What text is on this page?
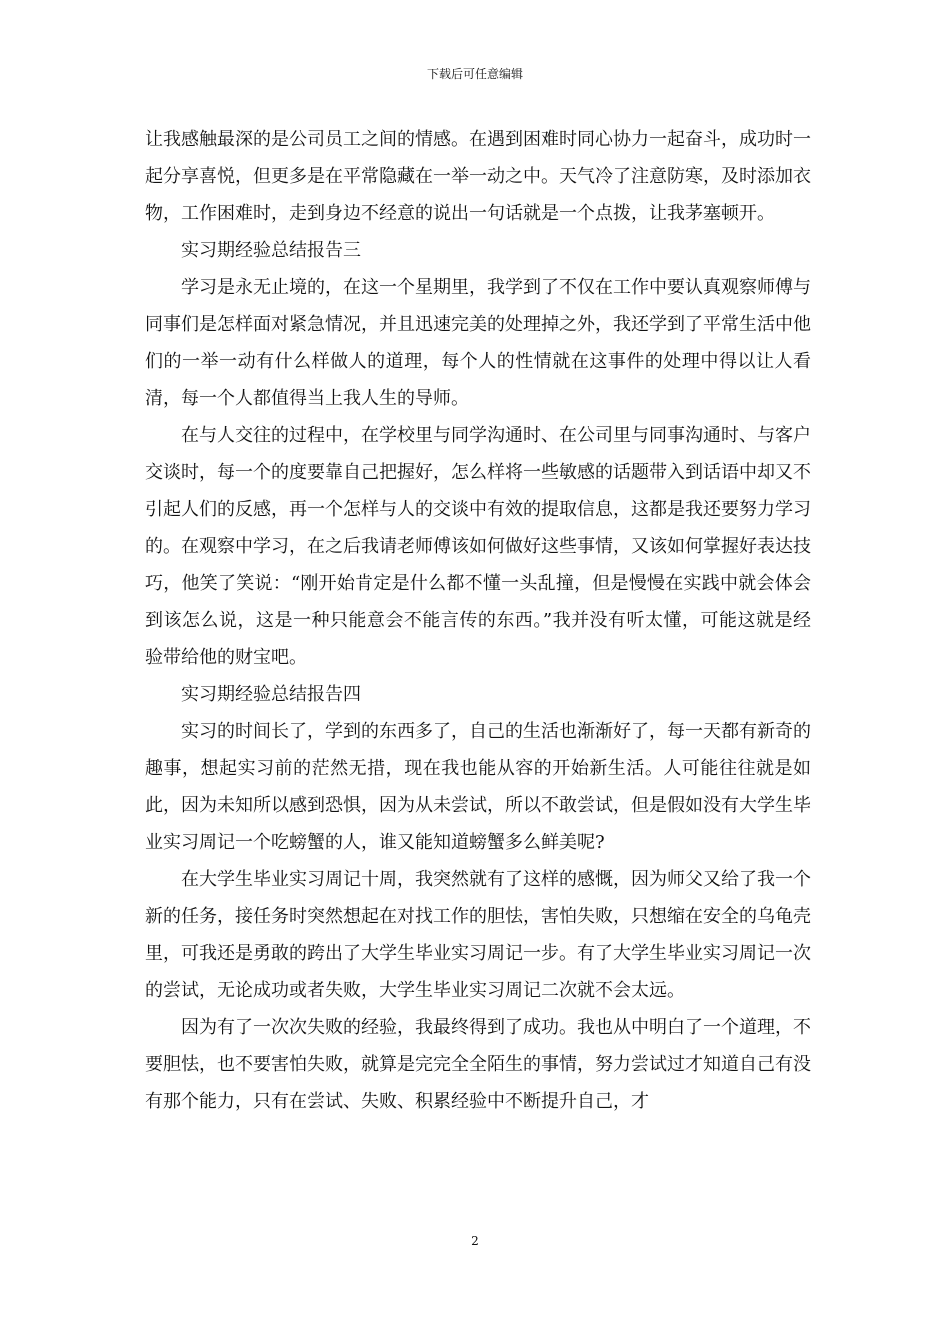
下载后可任意编辑

让我感触最深的是公司员工之间的情感。在遇到困难时同心协力一起奋斗，成功时一起分享喜悦，但更多是在平常隐藏在一举一动之中。天气冷了注意防寒，及时添加衣物，工作困难时，走到身边不经意的说出一句话就是一个点拨，让我茅塞顿开。

实习期经验总结报告三

学习是永无止境的，在这一个星期里，我学到了不仅在工作中要认真观察师傅与同事们是怎样面对紧急情况，并且迅速完美的处理掉之外，我还学到了平常生活中他们的一举一动有什么样做人的道理，每个人的性情就在这事件的处理中得以让人看清，每一个人都值得当上我人生的导师。

在与人交往的过程中，在学校里与同学沟通时、在公司里与同事沟通时、与客户交谈时，每一个的度要靠自己把握好，怎么样将一些敏感的话题带入到话语中却又不引起人们的反感，再一个怎样与人的交谈中有效的提取信息，这都是我还要努力学习的。在观察中学习，在之后我请老师傅该如何做好这些事情，又该如何掌握好表达技巧，他笑了笑说：“刚开始肯定是什么都不懂一头乱撞，但是慢慢在实践中就会体会到该怎么说，这是一种只能意会不能言传的东西。”我并没有听太懂，可能这就是经验带给他的财宝吧。

实习期经验总结报告四

实习的时间长了，学到的东西多了，自己的生活也渐渐好了，每一天都有新奇的趣事，想起实习前的茫然无措，现在我也能从容的开始新生活。人可能往往就是如此，因为未知所以感到恐惧，因为从未尝试，所以不敢尝试，但是假如没有大学生毕业实习周记一个吃螃蟹的人，谁又能知道螃蟹多么鲜美呢?

在大学生毕业实习周记十周，我突然就有了这样的感慨，因为师父又给了我一个新的任务，接任务时突然想起在对找工作的胆怯，害怕失败，只想缩在安全的乌龟壳里，可我还是勇敢的跨出了大学生毕业实习周记一步。有了大学生毕业实习周记一次的尝试，无论成功或者失败，大学生毕业实习周记二次就不会太远。

因为有了一次次失败的经验，我最终得到了成功。我也从中明白了一个道理，不要胆怯，也不要害怕失败，就算是完完全全陌生的事情，努力尝试过才知道自己有没有那个能力，只有在尝试、失败、积累经验中不断提升自己，才

2
